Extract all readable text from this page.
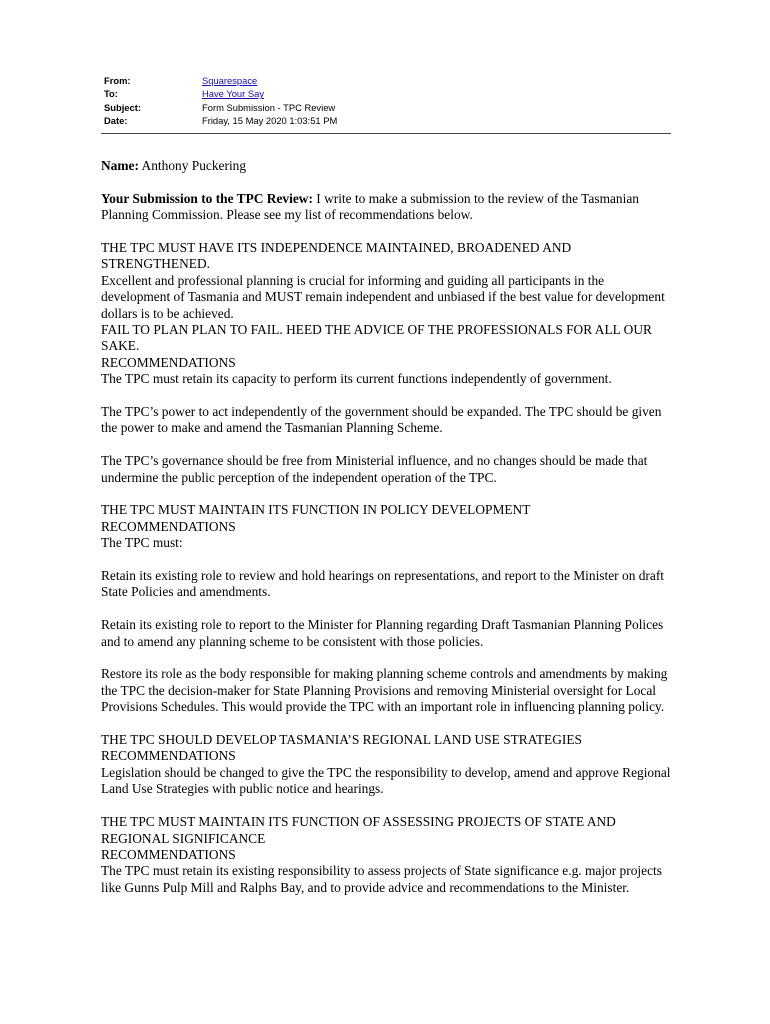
From:	Squarespace
To:	Have Your Say
Subject:	Form Submission - TPC Review
Date:	Friday, 15 May 2020 1:03:51 PM

Name: Anthony Puckering

Your Submission to the TPC Review: I write to make a submission to the review of the Tasmanian Planning Commission. Please see my list of recommendations below.

THE TPC MUST HAVE ITS INDEPENDENCE MAINTAINED, BROADENED AND STRENGTHENED.

Excellent and professional planning is crucial for informing and guiding all participants in the development of Tasmania and MUST remain independent and unbiased if the best value for development dollars is to be achieved.

FAIL TO PLAN PLAN TO FAIL. HEED THE ADVICE OF THE PROFESSIONALS FOR ALL OUR SAKE.

RECOMMENDATIONS

The TPC must retain its capacity to perform its current functions independently of government.

The TPC’s power to act independently of the government should be expanded. The TPC should be given the power to make and amend the Tasmanian Planning Scheme.

The TPC’s governance should be free from Ministerial influence, and no changes should be made that undermine the public perception of the independent operation of the TPC.

THE TPC MUST MAINTAIN ITS FUNCTION IN POLICY DEVELOPMENT

RECOMMENDATIONS

The TPC must:

Retain its existing role to review and hold hearings on representations, and report to the Minister on draft State Policies and amendments.

Retain its existing role to report to the Minister for Planning regarding Draft Tasmanian Planning Polices and to amend any planning scheme to be consistent with those policies.

Restore its role as the body responsible for making planning scheme controls and amendments by making the TPC the decision-maker for State Planning Provisions and removing Ministerial oversight for Local Provisions Schedules. This would provide the TPC with an important role in influencing planning policy.

THE TPC SHOULD DEVELOP TASMANIA’S REGIONAL LAND USE STRATEGIES

RECOMMENDATIONS

Legislation should be changed to give the TPC the responsibility to develop, amend and approve Regional Land Use Strategies with public notice and hearings.

THE TPC MUST MAINTAIN ITS FUNCTION OF ASSESSING PROJECTS OF STATE AND REGIONAL SIGNIFICANCE

RECOMMENDATIONS

The TPC must retain its existing responsibility to assess projects of State significance e.g. major projects like Gunns Pulp Mill and Ralphs Bay, and to provide advice and recommendations to the Minister.
